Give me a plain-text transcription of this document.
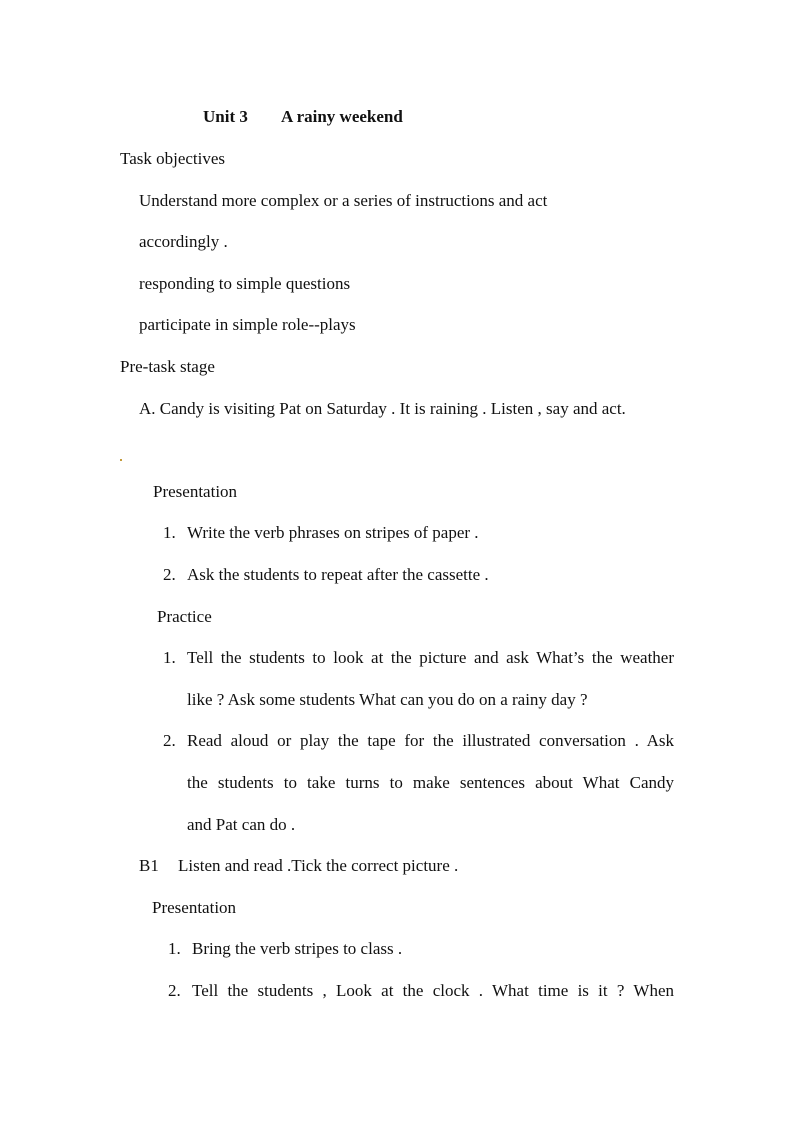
Unit 3 A rainy weekend
Task objectives
Understand more complex or a series of instructions and act
accordingly .
responding to simple questions
participate in simple role--plays
Pre-task stage
A. Candy is visiting Pat on Saturday . It is raining . Listen , say and act.
Presentation
1. Write the verb phrases on stripes of paper .
2. Ask the students to repeat after the cassette .
Practice
1. Tell the students to look at the picture and ask What’s the weather
like ? Ask some students What can you do on a rainy day ?
2. Read aloud or play the tape for the illustrated conversation . Ask
the students to take turns to make sentences about What Candy
and Pat can do .
B1 Listen and read .Tick the correct picture .
Presentation
1. Bring the verb stripes to class .
2. Tell the students , Look at the clock . What time is it ? When
